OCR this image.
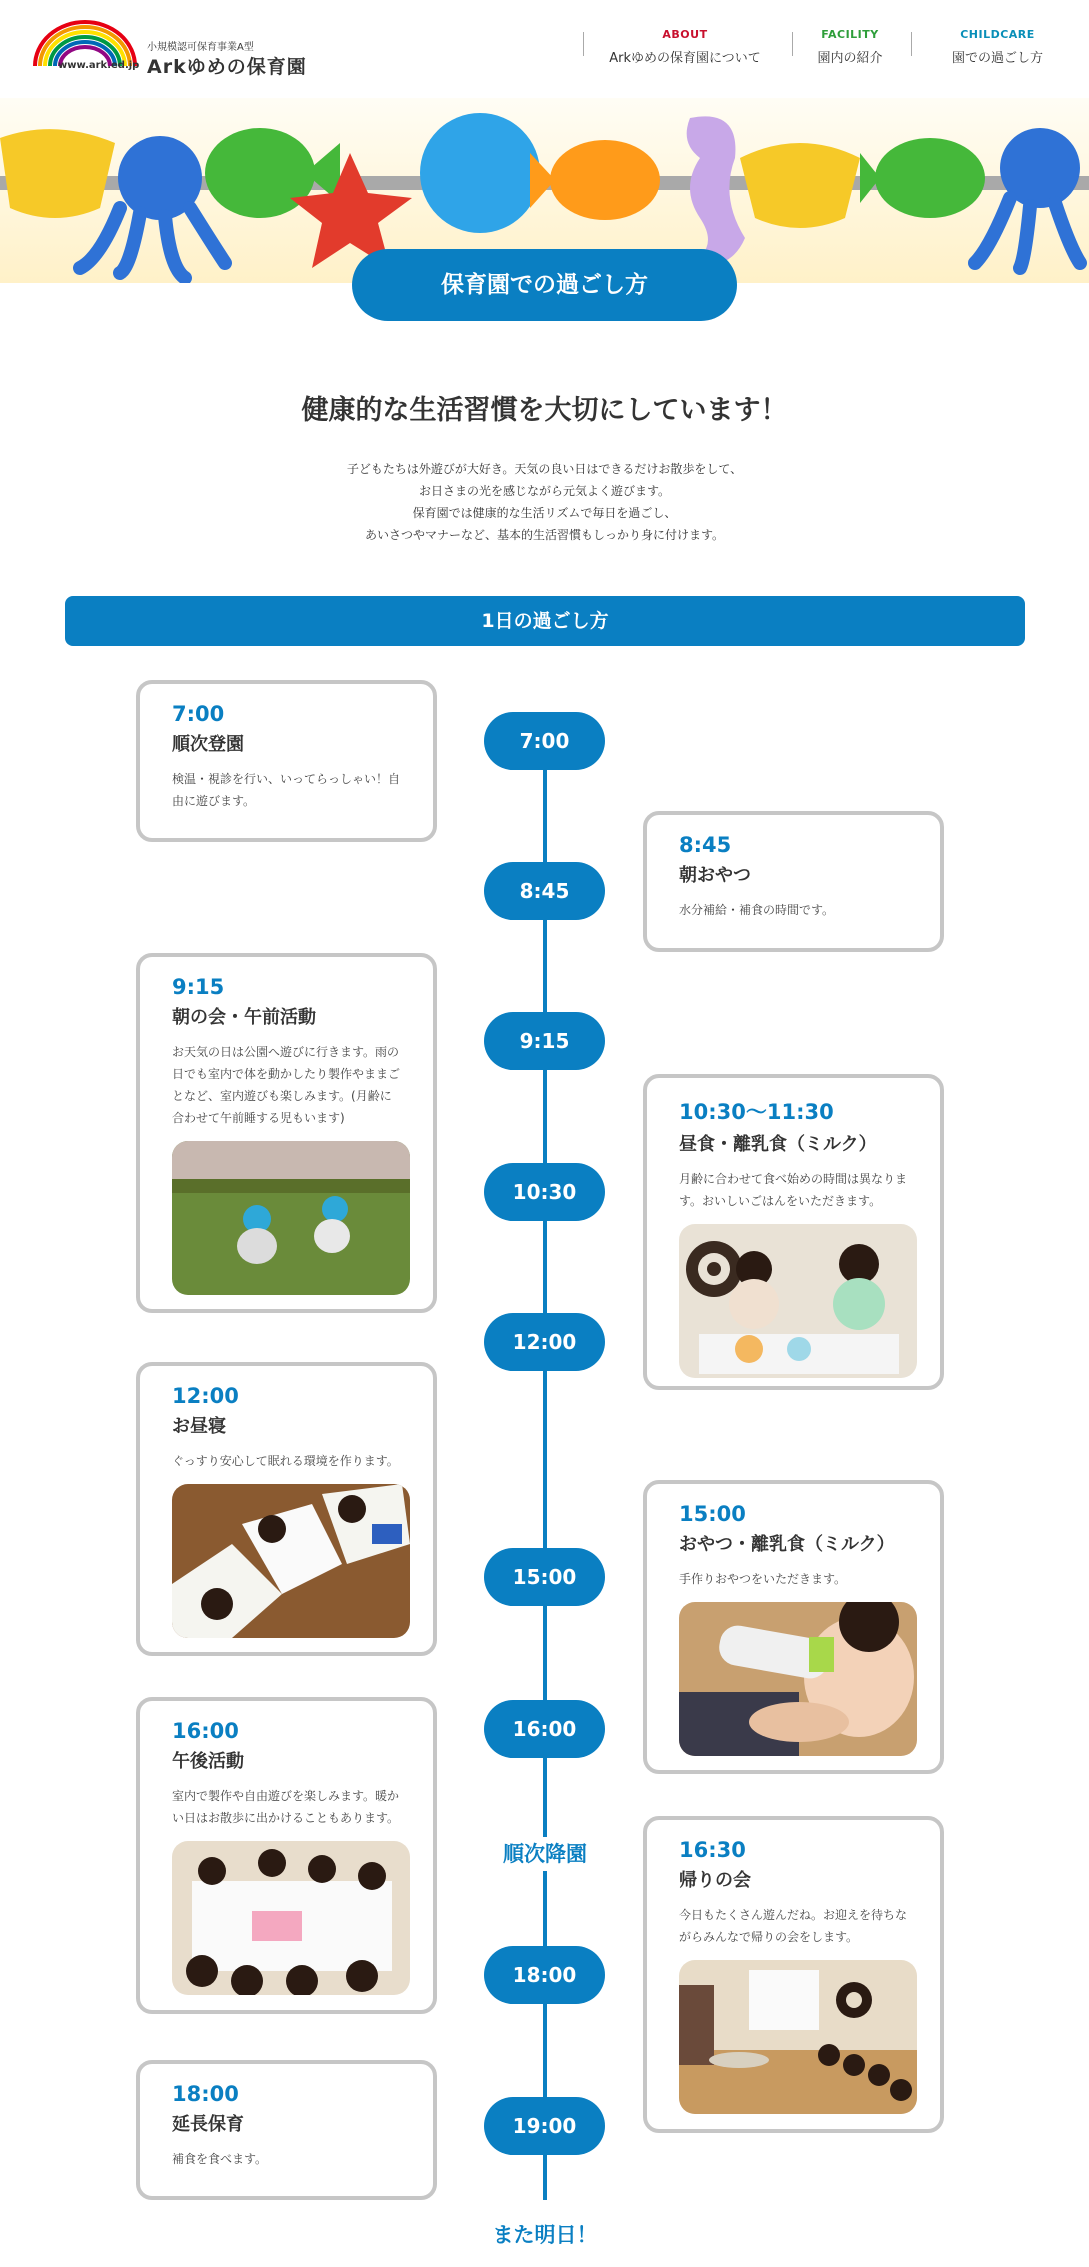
www.ark.ed.jp
小規模認可保育事業A型
Arkゆめの保育園
ABOUT
Arkゆめの保育園について
FACILITY
園内の紹介
CHILDCARE
園での過ごし方
保育園での過ごし方
健康的な生活習慣を大切にしています！
子どもたちは外遊びが大好き。天気の良い日はできるだけお散歩をして、
お日さまの光を感じながら元気よく遊びます。
保育園では健康的な生活リズムで毎日を過ごし、
あいさつやマナーなど、基本的生活習慣もしっかり身に付けます。
1日の過ごし方
7:00
8:45
9:15
10:30
12:00
15:00
16:00
順次降園
18:00
19:00
また明日！
7:00
順次登園
検温・視診を行い、いってらっしゃい！自由に遊びます。
8:45
朝おやつ
水分補給・補食の時間です。
9:15
朝の会・午前活動
お天気の日は公園へ遊びに行きます。雨の日でも室内で体を動かしたり製作やままごとなど、室内遊びも楽しみます。(月齢に合わせて午前睡する児もいます)	10:30〜11:30
昼食・離乳食（ミルク）
月齢に合わせて食べ始めの時間は異なります。おいしいごはんをいただきます。
12:00
お昼寝
ぐっすり安心して眠れる環境を作ります。
15:00
おやつ・離乳食（ミルク）
手作りおやつをいただきます。
16:00
午後活動
室内で製作や自由遊びを楽しみます。暖かい日はお散歩に出かけることもあります。
16:30
帰りの会
今日もたくさん遊んだね。お迎えを待ちながらみんなで帰りの会をします。
18:00
延長保育
補食を食べます。
